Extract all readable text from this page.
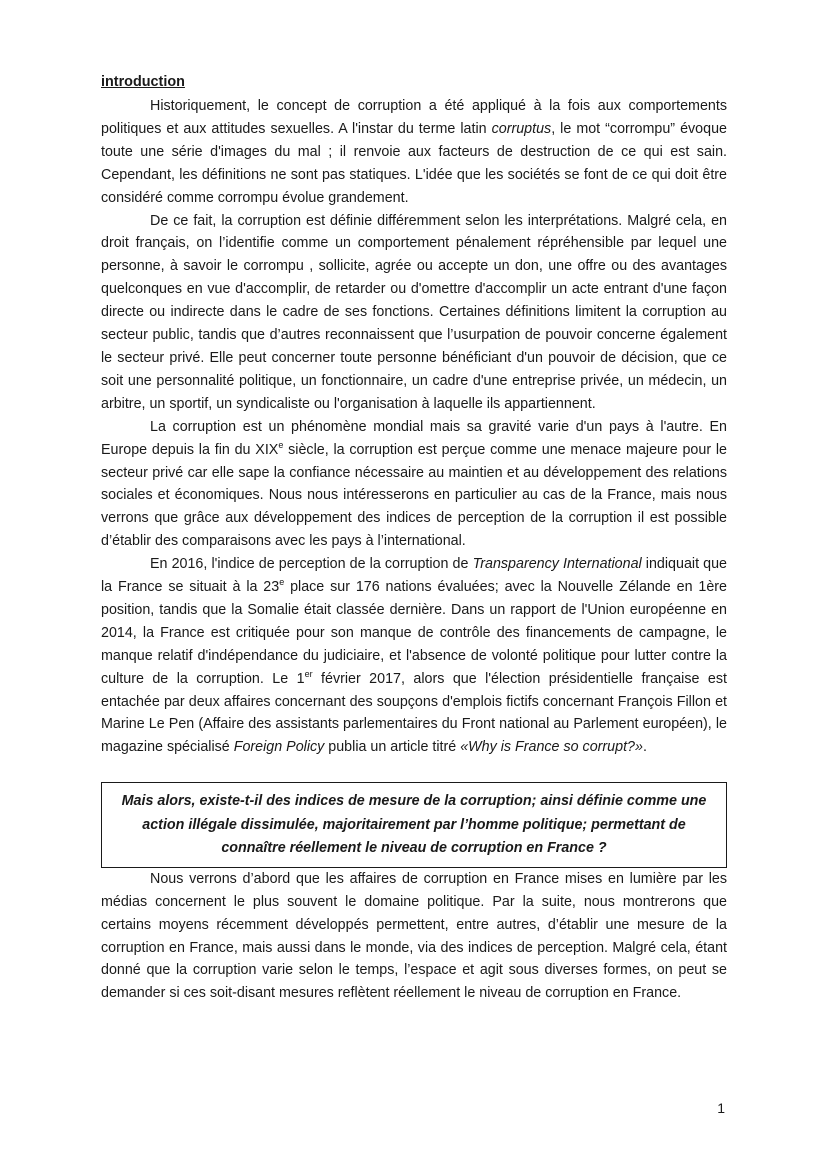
introduction

Historiquement, le concept de corruption a été appliqué à la fois aux comportements politiques et aux attitudes sexuelles. A l'instar du terme latin corruptus, le mot “corrompu” évoque toute une série d'images du mal ; il renvoie aux facteurs de destruction de ce qui est sain. Cependant, les définitions ne sont pas statiques. L'idée que les sociétés se font de ce qui doit être considéré comme corrompu évolue grandement.

De ce fait, la corruption est définie différemment selon les interprétations. Malgré cela, en droit français, on l’identifie comme un comportement pénalement répréhensible par lequel une personne, à savoir le corrompu , sollicite, agrée ou accepte un don, une offre ou des avantages quelconques en vue d'accomplir, de retarder ou d'omettre d'accomplir un acte entrant d'une façon directe ou indirecte dans le cadre de ses fonctions. Certaines définitions limitent la corruption au secteur public, tandis que d’autres reconnaissent que l’usurpation de pouvoir concerne également le secteur privé. Elle peut concerner toute personne bénéficiant d'un pouvoir de décision, que ce soit une personnalité politique, un fonctionnaire, un cadre d'une entreprise privée, un médecin, un arbitre, un sportif, un syndicaliste ou l'organisation à laquelle ils appartiennent.

La corruption est un phénomène mondial mais sa gravité varie d'un pays à l'autre. En Europe depuis la fin du XIXe siècle, la corruption est perçue comme une menace majeure pour le secteur privé car elle sape la confiance nécessaire au maintien et au développement des relations sociales et économiques. Nous nous intéresserons en particulier au cas de la France, mais nous verrons que grâce aux développement des indices de perception de la corruption il est possible d’établir des comparaisons avec les pays à l’international.

En 2016, l'indice de perception de la corruption de Transparency International indiquait que la France se situait à la 23e place sur 176 nations évaluées; avec la Nouvelle Zélande en 1ère position, tandis que la Somalie était classée dernière. Dans un rapport de l'Union européenne en 2014, la France est critiquée pour son manque de contrôle des financements de campagne, le manque relatif d'indépendance du judiciaire, et l'absence de volonté politique pour lutter contre la culture de la corruption. Le 1er février 2017, alors que l'élection présidentielle française est entachée par deux affaires concernant des soupçons d'emplois fictifs concernant François Fillon et Marine Le Pen (Affaire des assistants parlementaires du Front national au Parlement européen), le magazine spécialisé Foreign Policy publia un article titré «Why is France so corrupt?».

Mais alors, existe-t-il des indices de mesure de la corruption; ainsi définie comme une action illégale dissimulée, majoritairement par l’homme politique; permettant de connaître réellement le niveau de corruption en France ?

Nous verrons d’abord que les affaires de corruption en France mises en lumière par les médias concernent le plus souvent le domaine politique. Par la suite, nous montrerons que certains moyens récemment développés permettent, entre autres, d’établir une mesure de la corruption en France, mais aussi dans le monde, via des indices de perception. Malgré cela, étant donné que la corruption varie selon le temps, l’espace et agit sous diverses formes, on peut se demander si ces soit-disant mesures reflètent réellement le niveau de corruption en France.

1
